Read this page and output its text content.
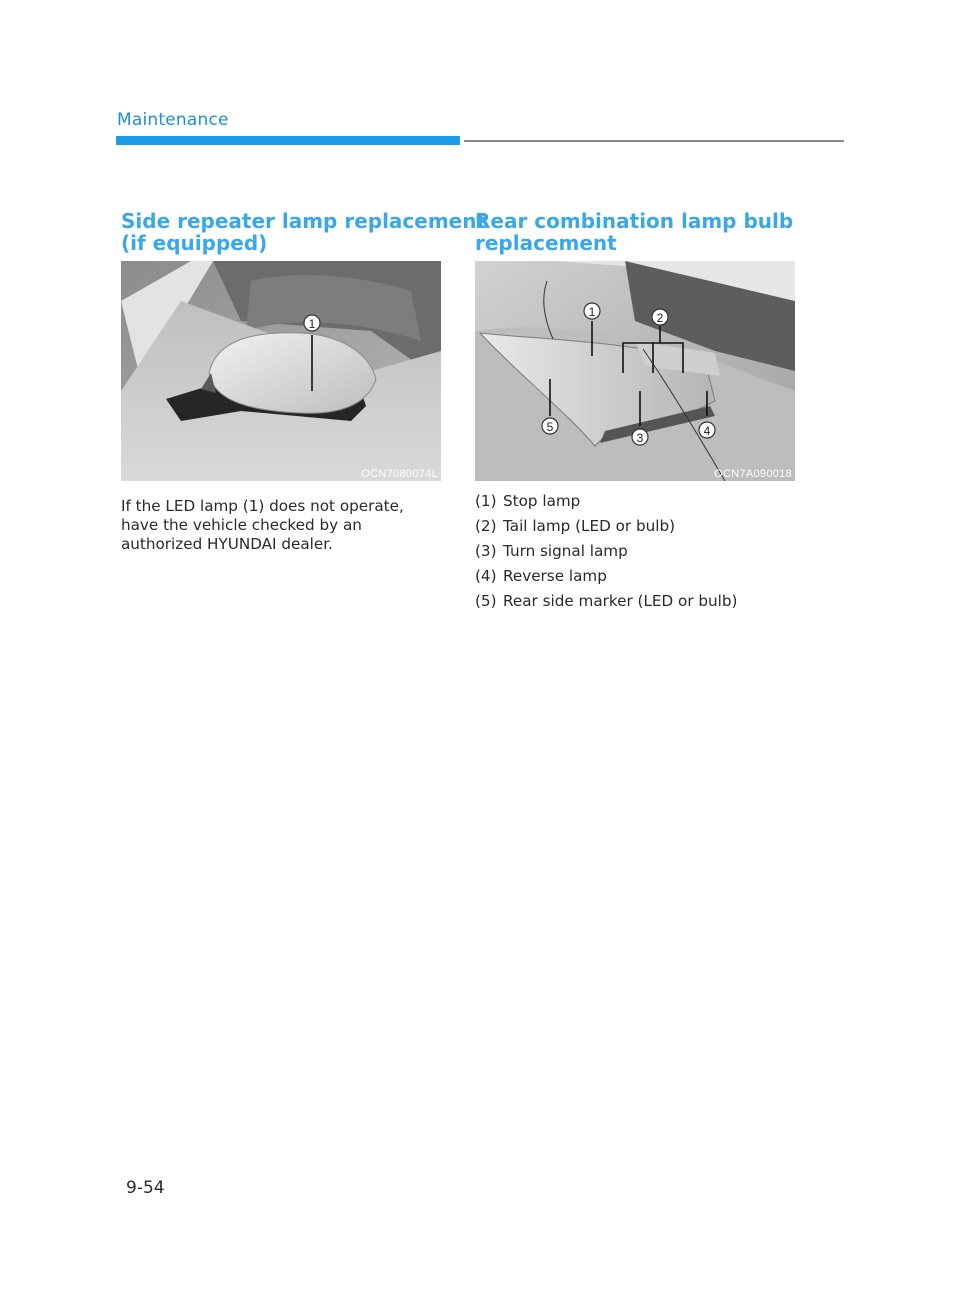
Maintenance
Side repeater lamp replacement
(if equipped)
1
OCN7080074L

If the LED lamp (1) does not operate,
have the vehicle checked by an
authorized HYUNDAI dealer.

Rear combination lamp bulb
replacement
1	2
3	4
5
OCN7A090018
(1) Stop lamp
(2) Tail lamp (LED or bulb)
(3) Turn signal lamp
(4) Reverse lamp
(5) Rear side marker (LED or bulb)
9-54
